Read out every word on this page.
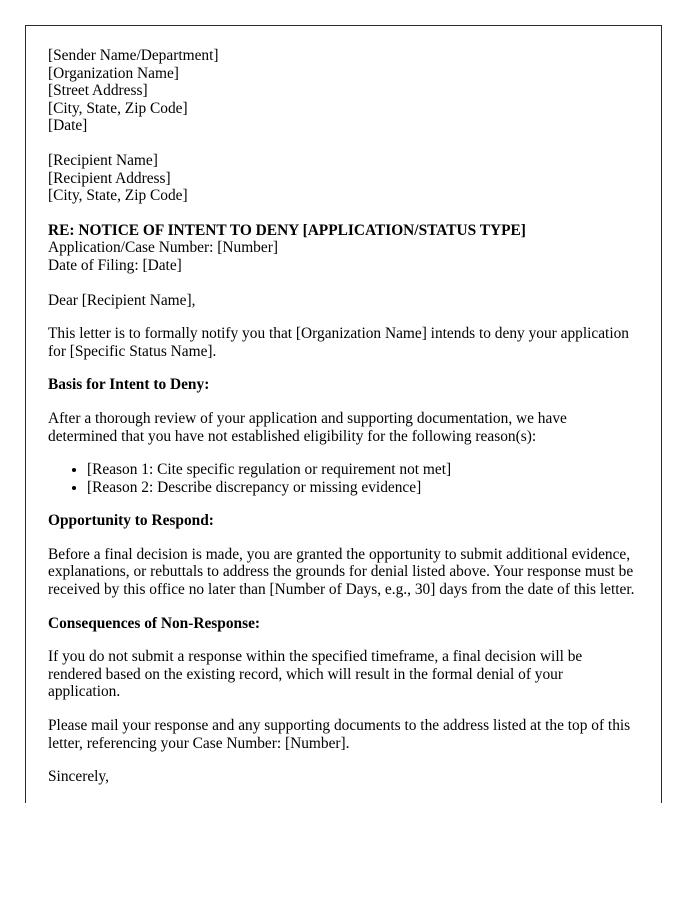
[Sender Name/Department]
[Organization Name]
[Street Address]
[City, State, Zip Code]
[Date]
[Recipient Name]
[Recipient Address]
[City, State, Zip Code]
RE: NOTICE OF INTENT TO DENY [APPLICATION/STATUS TYPE]
Application/Case Number: [Number]
Date of Filing: [Date]

Dear [Recipient Name],

This letter is to formally notify you that [Organization Name] intends to deny your application for [Specific Status Name].

Basis for Intent to Deny:

After a thorough review of your application and supporting documentation, we have determined that you have not established eligibility for the following reason(s):

• [Reason 1: Cite specific regulation or requirement not met]
• [Reason 2: Describe discrepancy or missing evidence]

Opportunity to Respond:

Before a final decision is made, you are granted the opportunity to submit additional evidence, explanations, or rebuttals to address the grounds for denial listed above. Your response must be received by this office no later than [Number of Days, e.g., 30] days from the date of this letter.

Consequences of Non-Response:

If you do not submit a response within the specified timeframe, a final decision will be rendered based on the existing record, which will result in the formal denial of your application.

Please mail your response and any supporting documents to the address listed at the top of this letter, referencing your Case Number: [Number].

Sincerely,
